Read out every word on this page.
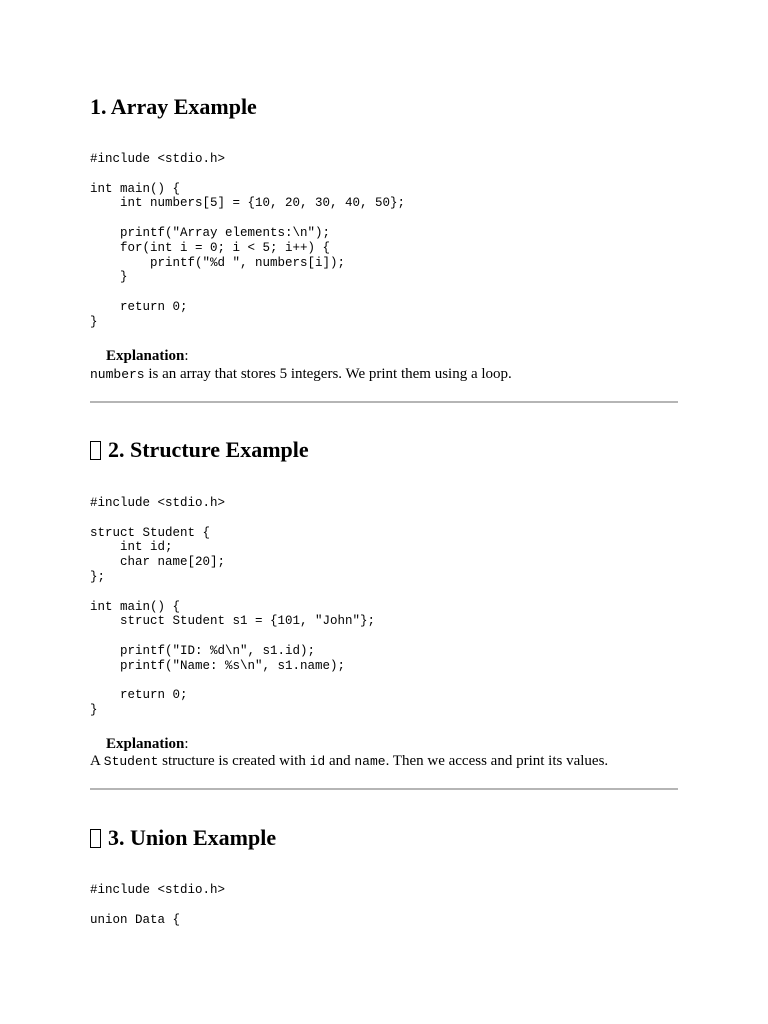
1. Array Example
#include <stdio.h>

int main() {
int numbers[5] = {10, 20, 30, 40, 50};

printf("Array elements:\n");
for(int i = 0; i < 5; i++) {
printf("%d ", numbers[i]);
}

return 0;
}
Explanation:
numbers is an array that stores 5 integers. We print them using a loop.
2. Structure Example
#include <stdio.h>

struct Student {
int id;
char name[20];
};

int main() {
struct Student s1 = {101, "John"};

printf("ID: %d\n", s1.id);
printf("Name: %s\n", s1.name);

return 0;
}
Explanation:
A Student structure is created with id and name. Then we access and print its values.
3. Union Example
#include <stdio.h>

union Data {
